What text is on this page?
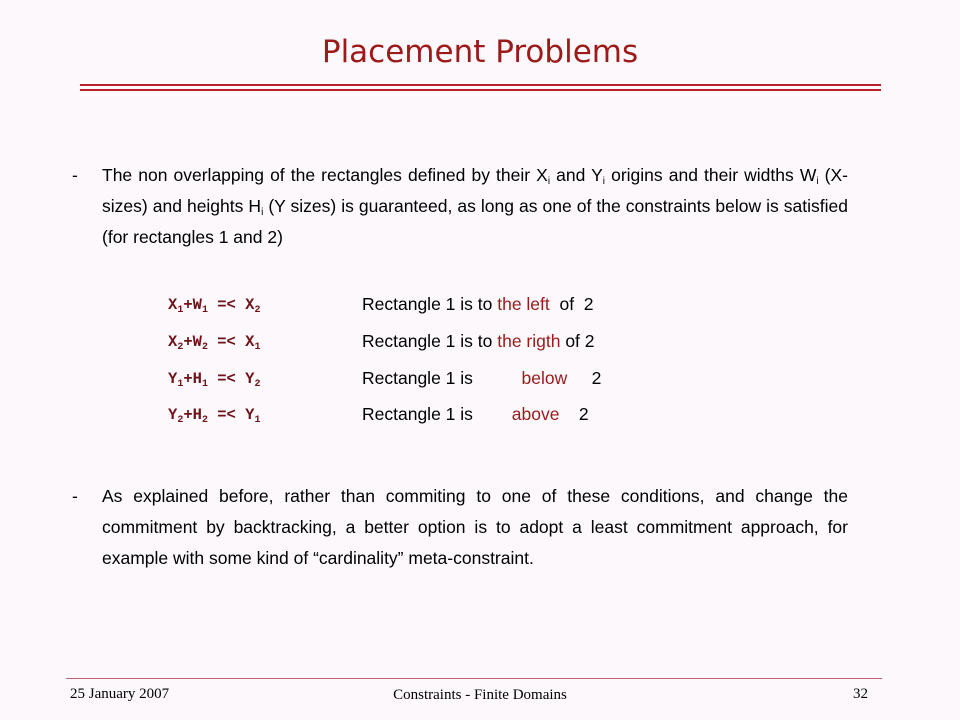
Placement Problems
- The non overlapping of the rectangles defined by their $X_i$ and $Y_i$ origins and their widths $W_i$ (X-sizes) and heights $H_i$ (Y sizes) is guaranteed, as long as one of the constraints below is satisfied (for rectangles 1 and 2)
$X_1+W_1 =< X_2$	Rectangle 1 is to the left  of  2
$X_2+W_2 =< X_1$	Rectangle 1 is to the rigth of 2
$Y_1+H_1 =< Y_2$	Rectangle 1 is          below     2
$Y_2+H_2 =< Y_1$	Rectangle 1 is        above    2
- As explained before, rather than commiting to one of these conditions, and change the commitment by backtracking, a better option is to adopt a least commitment approach, for example with some kind of “cardinality” meta-constraint.
25 January 2007	Constraints - Finite Domains	32
